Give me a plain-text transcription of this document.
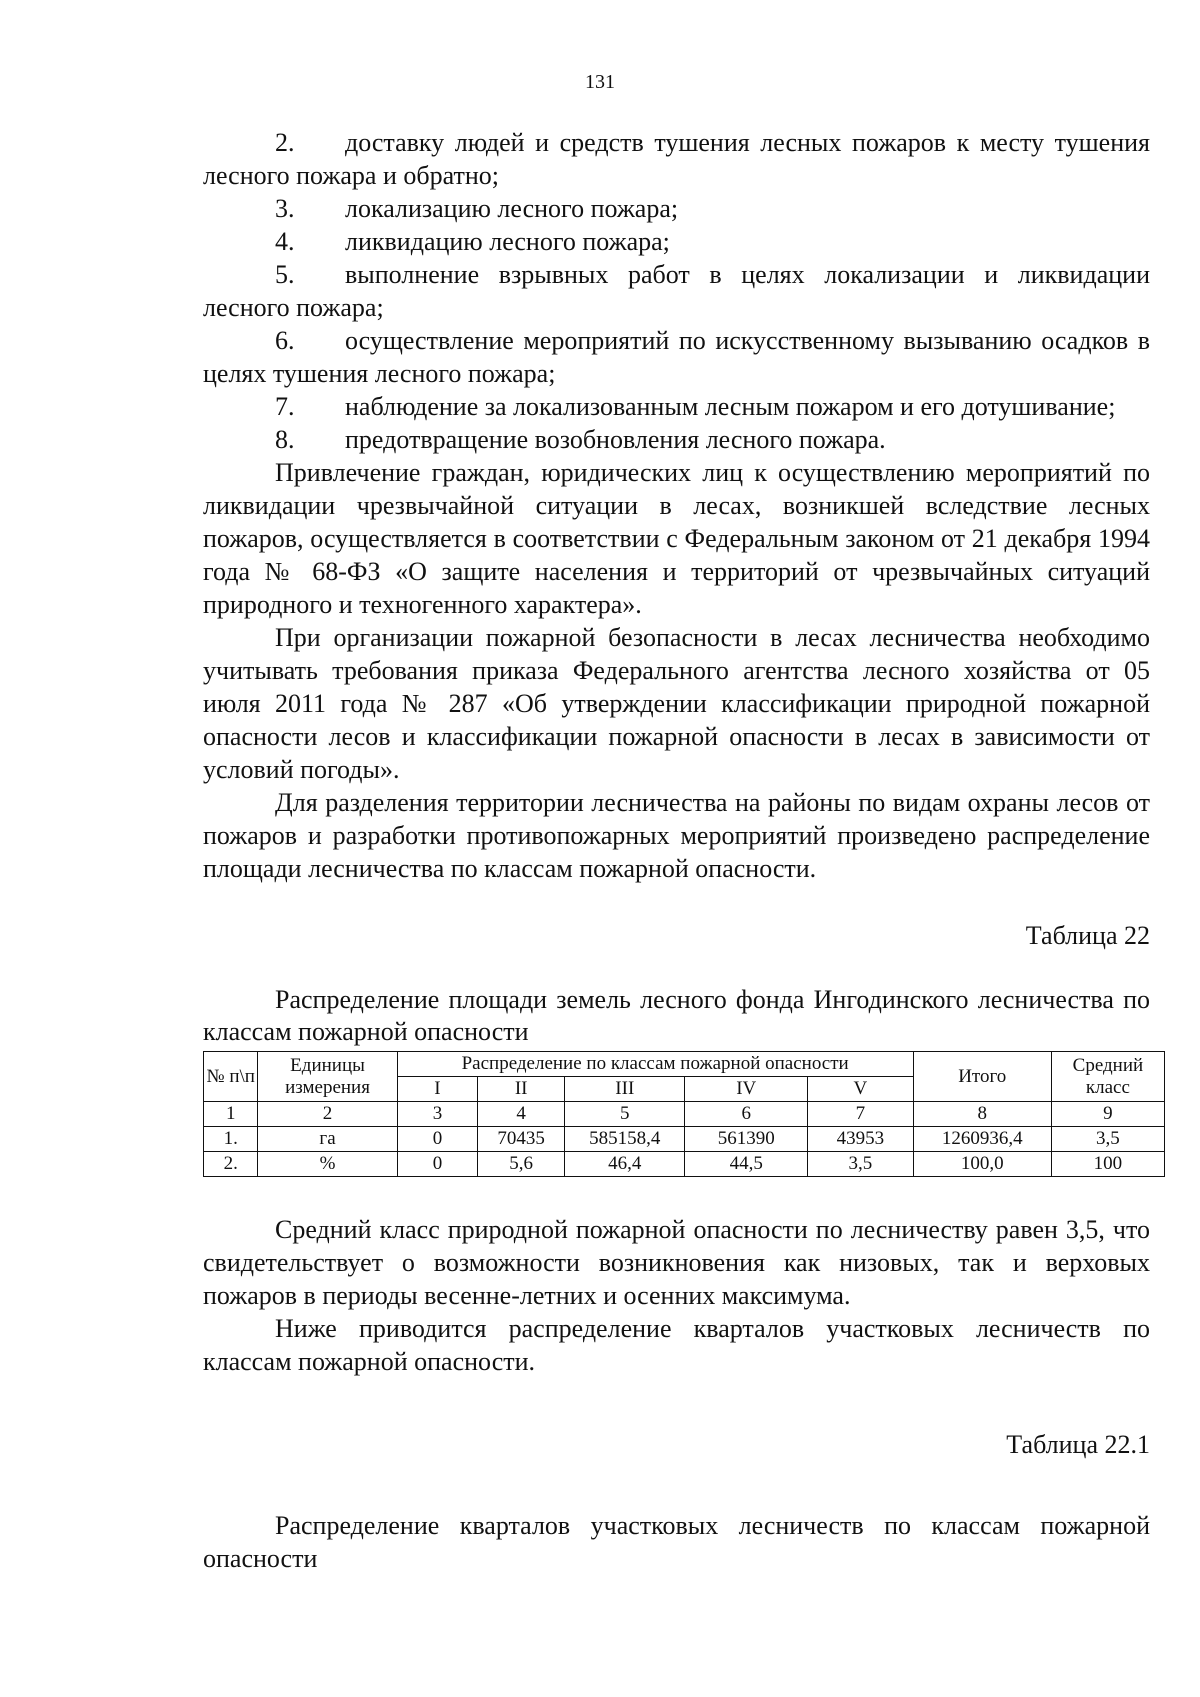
131
2. доставку людей и средств тушения лесных пожаров к месту тушения лесного пожара и обратно;
3. локализацию лесного пожара;
4. ликвидацию лесного пожара;
5. выполнение взрывных работ в целях локализации и ликвидации лесного пожара;
6. осуществление мероприятий по искусственному вызыванию осадков в целях тушения лесного пожара;
7. наблюдение за локализованным лесным пожаром и его дотушивание;
8. предотвращение возобновления лесного пожара.

Привлечение граждан, юридических лиц к осуществлению мероприятий по ликвидации чрезвычайной ситуации в лесах, возникшей вследствие лесных пожаров, осуществляется в соответствии с Федеральным законом от 21 декабря 1994 года № 68-ФЗ «О защите населения и территорий от чрезвычайных ситуаций природного и техногенного характера».

При организации пожарной безопасности в лесах лесничества необходимо учитывать требования приказа Федерального агентства лесного хозяйства от 05 июля 2011 года № 287 «Об утверждении классификации природной пожарной опасности лесов и классификации пожарной опасности в лесах в зависимости от условий погоды».

Для разделения территории лесничества на районы по видам охраны лесов от пожаров и разработки противопожарных мероприятий произведено распределение площади лесничества по классам пожарной опасности.

Таблица 22
Распределение площади земель лесного фонда Ингодинского лесничества по классам пожарной опасности
№ п\п	Единицы измерения	Распределение по классам пожарной опасности					Итого	Средний класс
		I	II	III	IV	V		
1	2	3	4	5	6	7	8	9
1.	га	0	70435	585158,4	561390	43953	1260936,4	3,5
2.	%	0	5,6	46,4	44,5	3,5	100,0	100

Средний класс природной пожарной опасности по лесничеству равен 3,5, что свидетельствует о возможности возникновения как низовых, так и верховых пожаров в периоды весенне-летних и осенних максимума.

Ниже приводится распределение кварталов участковых лесничеств по классам пожарной опасности.

Таблица 22.1
Распределение кварталов участковых лесничеств по классам пожарной опасности
